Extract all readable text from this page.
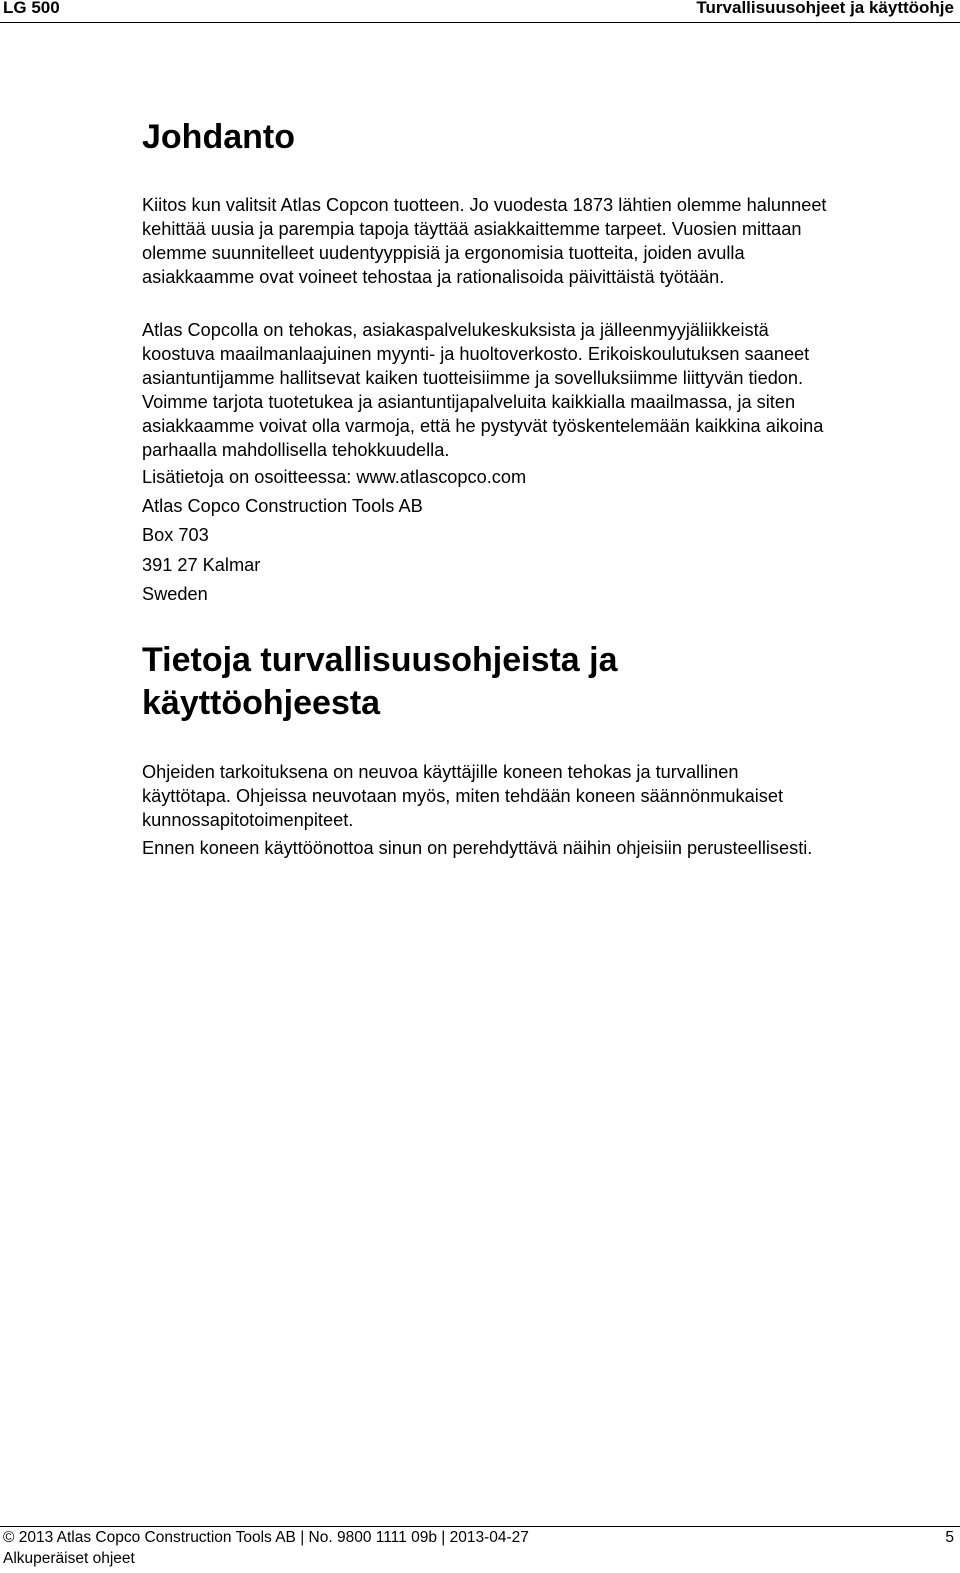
LG 500	Turvallisuusohjeet ja käyttöohje
Johdanto

Kiitos kun valitsit Atlas Copcon tuotteen. Jo vuodesta 1873 lähtien olemme halunneet kehittää uusia ja parempia tapoja täyttää asiakkaittemme tarpeet. Vuosien mittaan olemme suunnitelleet uudentyyppisiä ja ergonomisia tuotteita, joiden avulla asiakkaamme ovat voineet tehostaa ja rationalisoida päivittäistä työtään.

Atlas Copcolla on tehokas, asiakaspalvelukeskuksista ja jälleenmyyjäliikkeistä koostuva maailmanlaajuinen myynti- ja huoltoverkosto. Erikoiskoulutuksen saaneet asiantuntijamme hallitsevat kaiken tuotteisiimme ja sovelluksiimme liittyvän tiedon. Voimme tarjota tuotetukea ja asiantuntijapalveluita kaikkialla maailmassa, ja siten asiakkaamme voivat olla varmoja, että he pystyvät työskentelemään kaikkina aikoina parhaalla mahdollisella tehokkuudella.

Lisätietoja on osoitteessa: www.atlascopco.com

Atlas Copco Construction Tools AB

Box 703

391 27 Kalmar

Sweden

Tietoja turvallisuusohjeista ja käyttöohjeesta

Ohjeiden tarkoituksena on neuvoa käyttäjille koneen tehokas ja turvallinen käyttötapa. Ohjeissa neuvotaan myös, miten tehdään koneen säännönmukaiset kunnossapitotoimenpiteet.

Ennen koneen käyttöönottoa sinun on perehdyttävä näihin ohjeisiin perusteellisesti.

© 2013 Atlas Copco Construction Tools AB | No. 9800 1111 09b | 2013-04-27	5
Alkuperäiset ohjeet
